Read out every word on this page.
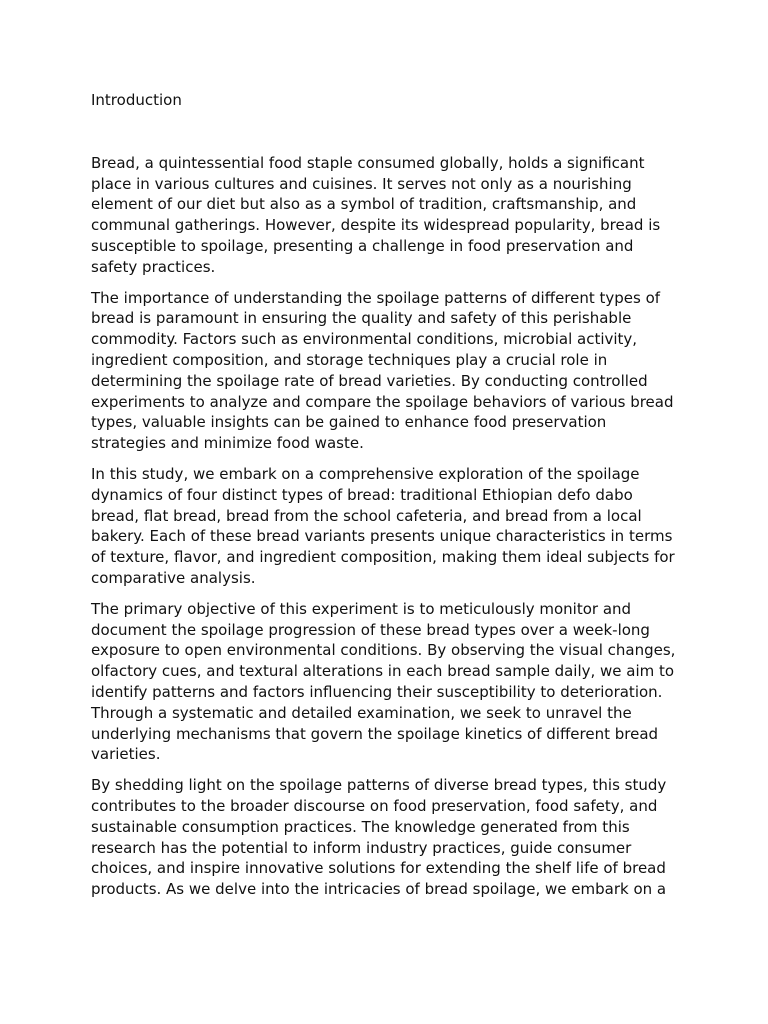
Introduction

Bread, a quintessential food staple consumed globally, holds a significant
place in various cultures and cuisines. It serves not only as a nourishing
element of our diet but also as a symbol of tradition, craftsmanship, and
communal gatherings. However, despite its widespread popularity, bread is
susceptible to spoilage, presenting a challenge in food preservation and
safety practices.

The importance of understanding the spoilage patterns of different types of
bread is paramount in ensuring the quality and safety of this perishable
commodity. Factors such as environmental conditions, microbial activity,
ingredient composition, and storage techniques play a crucial role in
determining the spoilage rate of bread varieties. By conducting controlled
experiments to analyze and compare the spoilage behaviors of various bread
types, valuable insights can be gained to enhance food preservation
strategies and minimize food waste.

In this study, we embark on a comprehensive exploration of the spoilage
dynamics of four distinct types of bread: traditional Ethiopian defo dabo
bread, flat bread, bread from the school cafeteria, and bread from a local
bakery. Each of these bread variants presents unique characteristics in terms
of texture, flavor, and ingredient composition, making them ideal subjects for
comparative analysis.

The primary objective of this experiment is to meticulously monitor and
document the spoilage progression of these bread types over a week-long
exposure to open environmental conditions. By observing the visual changes,
olfactory cues, and textural alterations in each bread sample daily, we aim to
identify patterns and factors influencing their susceptibility to deterioration.
Through a systematic and detailed examination, we seek to unravel the
underlying mechanisms that govern the spoilage kinetics of different bread
varieties.

By shedding light on the spoilage patterns of diverse bread types, this study
contributes to the broader discourse on food preservation, food safety, and
sustainable consumption practices. The knowledge generated from this
research has the potential to inform industry practices, guide consumer
choices, and inspire innovative solutions for extending the shelf life of bread
products. As we delve into the intricacies of bread spoilage, we embark on a
